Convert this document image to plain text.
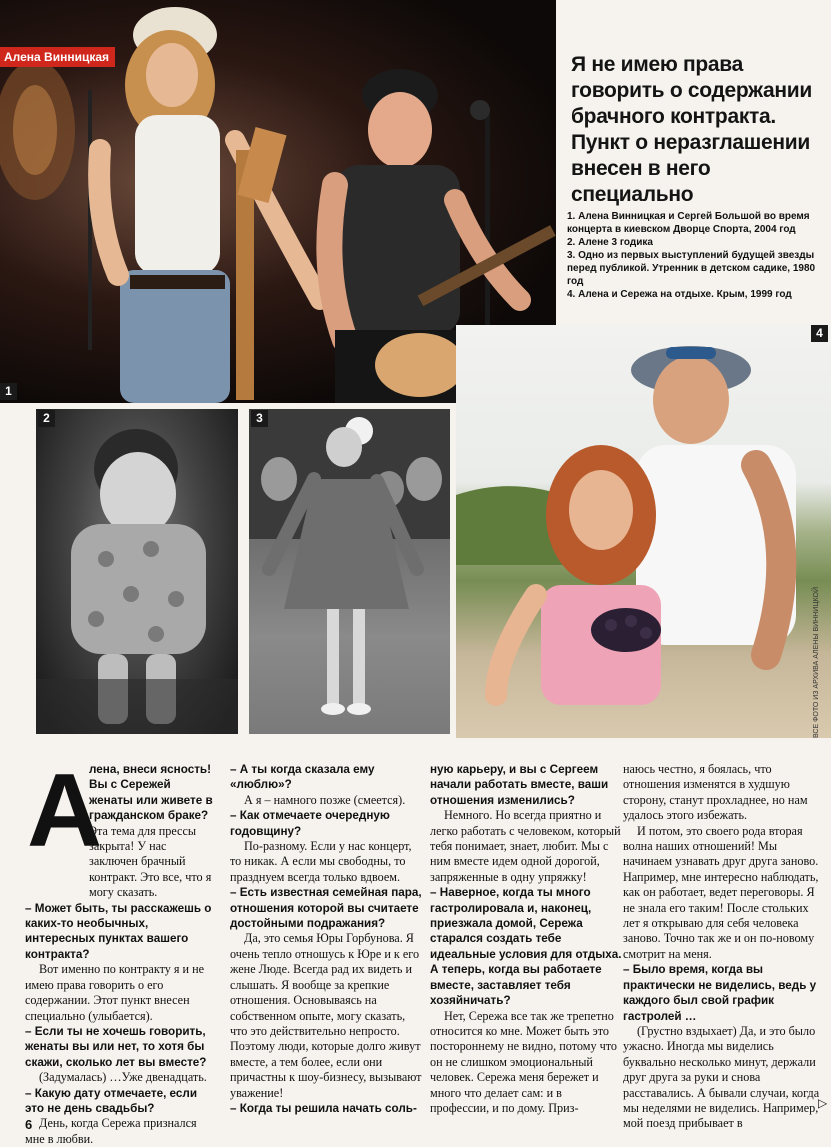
Алена Винницкая
1
Я не имею права говорить о содержании брачного контракта. Пункт о неразглашении внесен в него специально
1. Алена Винницкая и Сергей Большой во время концерта в киевском Дворце Спорта, 2004 год
2. Алене 3 годика
3. Одно из первых выступлений будущей звезды перед публикой. Утренник в детском садике, 1980 год
4. Алена и Сережа на отдыхе. Крым, 1999 год
4
ВСЕ ФОТО ИЗ АРХИВА АЛЕНЫ ВИННИЦКОЙ
2	3
А

лена, внеси ясность! Вы с Сережей женаты или живете в гражданском браке?

Эта тема для прессы закрыта! У нас заключен брачный контракт. Это все, что я могу сказать.

– Может быть, ты расскажешь о каких-то необычных, интересных пунктах вашего контракта?

Вот именно по контракту я и не имею права говорить о его содержании. Этот пункт внесен специально (улыбается).

– Если ты не хочешь говорить, женаты вы или нет, то хотя бы скажи, сколько лет вы вместе?

(Задумалась) …Уже двенадцать.

– Какую дату отмечаете, если это не день свадьбы?

День, когда Сережа признался мне в любви.

– А ты когда сказала ему «люблю»?

А я – намного позже (смеется).

– Как отмечаете очередную годовщину?

По-разному. Если у нас концерт, то никак. А если мы свободны, то празднуем всегда только вдвоем.

– Есть известная семейная пара, отношения которой вы считаете достойными подражания?

Да, это семья Юры Горбунова. Я очень тепло отношусь к Юре и к его жене Люде. Всегда рад их видеть и слышать. Я вообще за крепкие отношения. Основываясь на собственном опыте, могу сказать, что это действительно непросто. Поэтому люди, которые долго живут вместе, а тем более, если они причастны к шоу-бизнесу, вызывают уважение!

– Когда ты решила начать соль-

ную карьеру, и вы с Сергеем начали работать вместе, ваши отношения изменились?

Немного. Но всегда приятно и легко работать с человеком, который тебя понимает, знает, любит. Мы с ним вместе идем одной дорогой, запряженные в одну упряжку!

– Наверное, когда ты много гастролировала и, наконец, приезжала домой, Сережа старался создать тебе идеальные условия для отдыха. А теперь, когда вы работаете вместе, заставляет тебя хозяйничать?

Нет, Сережа все так же трепетно относится ко мне. Может быть это постороннему не видно, потому что он не слишком эмоциональный человек. Сережа меня бережет и много что делает сам: и в профессии, и по дому. Приз-

наюсь честно, я боялась, что отношения изменятся в худшую сторону, станут прохладнее, но нам удалось этого избежать.

И потом, это своего рода вторая волна наших отношений! Мы начинаем узнавать друг друга заново. Например, мне интересно наблюдать, как он работает, ведет переговоры. Я не знала его таким! После стольких лет я открываю для себя человека заново. Точно так же и он по-новому смотрит на меня.

– Было время, когда вы практически не виделись, ведь у каждого был свой график гастролей …

(Грустно вздыхает) Да, и это было ужасно. Иногда мы виделись буквально несколько минут, держали друг друга за руки и снова расставались. А бывали случаи, когда мы неделями не виделись. Например, мой поезд прибывает в

6
▷
